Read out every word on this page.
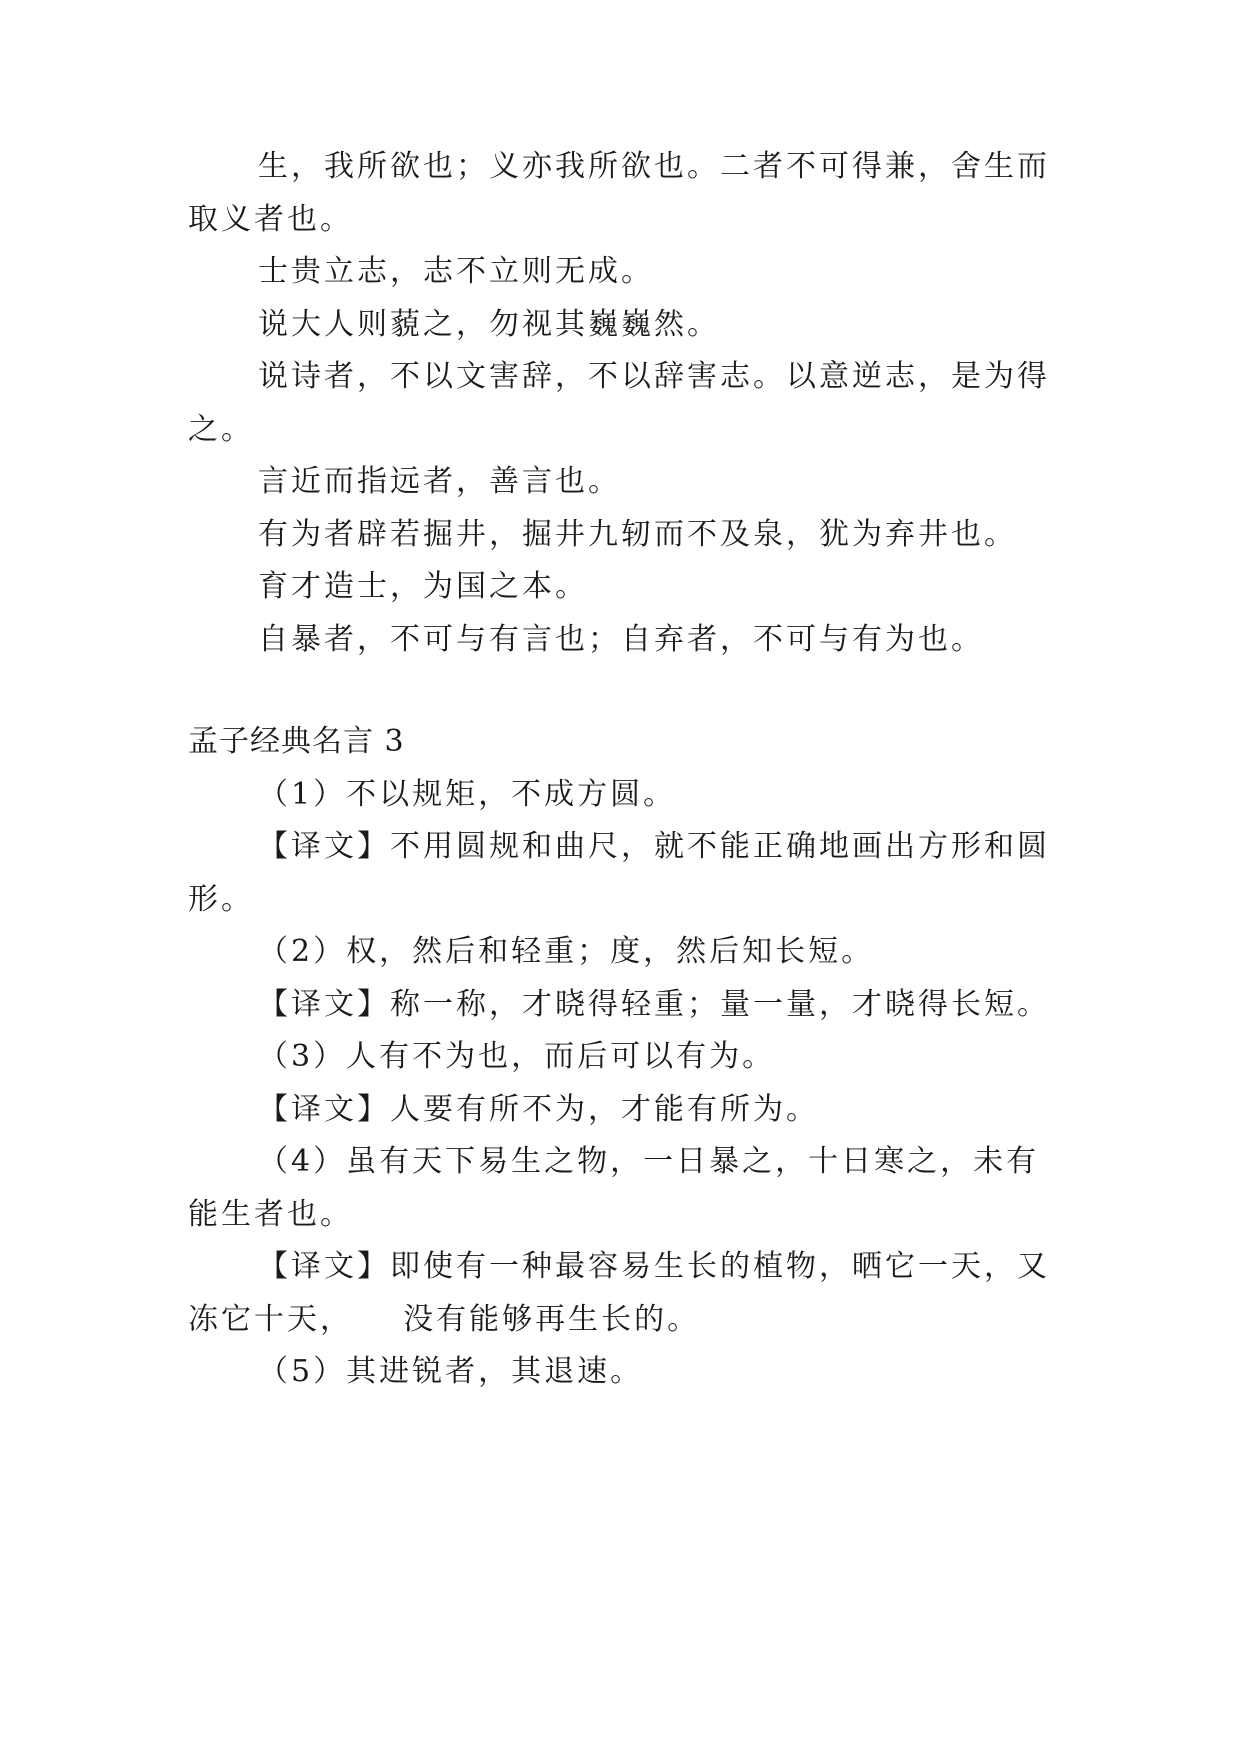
生，我所欲也；义亦我所欲也。二者不可得兼，舍生而
取义者也。
士贵立志，志不立则无成。
说大人则藐之，勿视其巍巍然。
说诗者，不以文害辞，不以辞害志。以意逆志，是为得
之。
言近而指远者，善言也。
有为者辟若掘井，掘井九轫而不及泉，犹为弃井也。
育才造士，为国之本。
自暴者，不可与有言也；自弃者，不可与有为也。
孟子经典名言 3
（1）不以规矩，不成方圆。
【译文】不用圆规和曲尺，就不能正确地画出方形和圆
形。
（2）权，然后和轻重；度，然后知长短。
【译文】称一称，才晓得轻重；量一量，才晓得长短。
（3）人有不为也，而后可以有为。
【译文】人要有所不为，才能有所为。
（4）虽有天下易生之物，一日暴之，十日寒之，未有
能生者也。
【译文】即使有一种最容易生长的植物，晒它一天，又
冻它十天，    没有能够再生长的。
（5）其进锐者，其退速。
